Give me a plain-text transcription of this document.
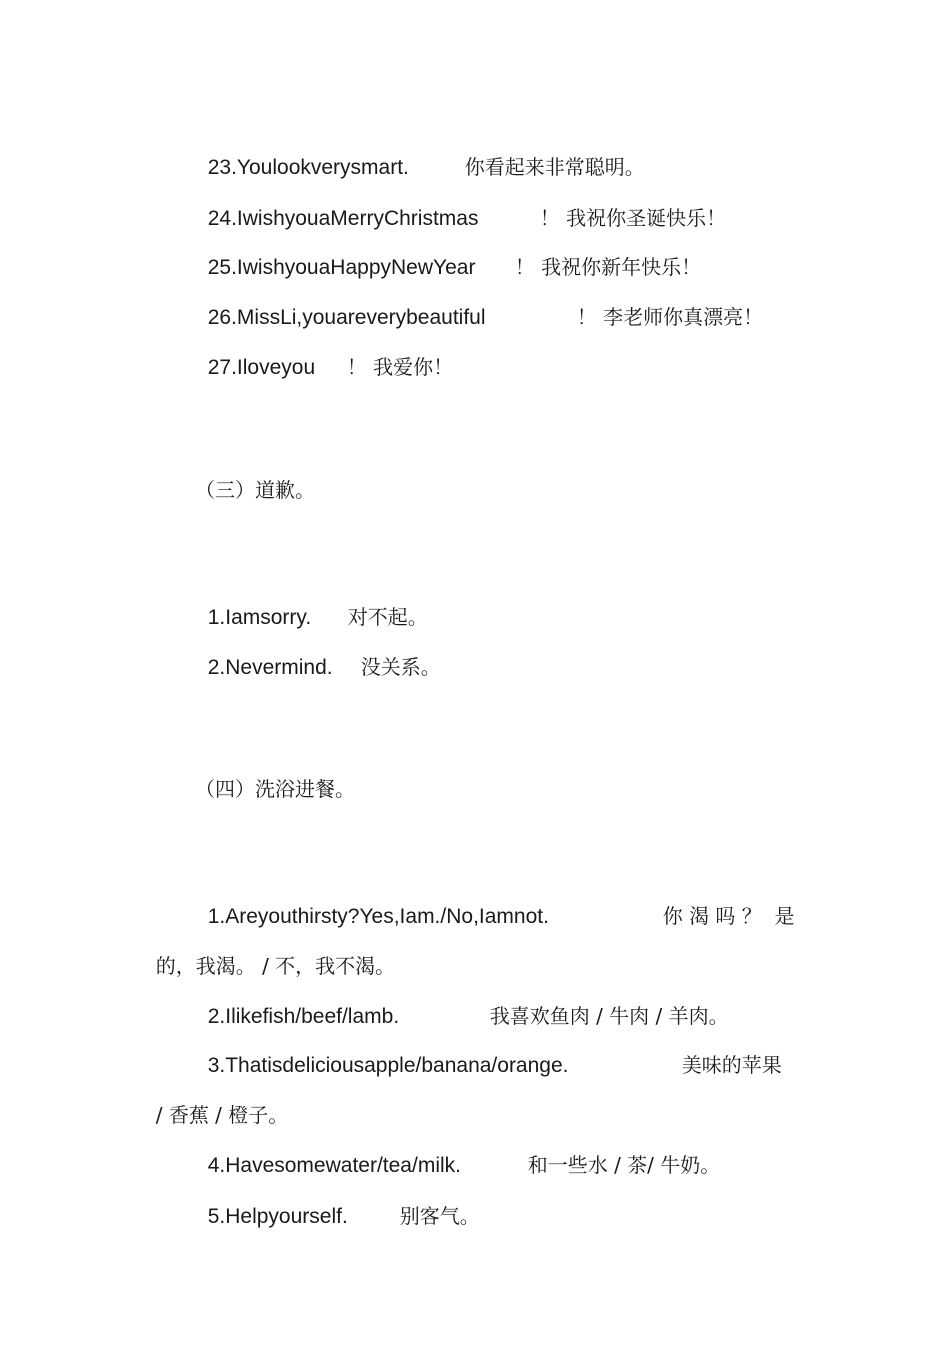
23.Youlookverysmart.	你看起来非常聪明。

24.IwishyouaMerryChristmas	！ 我祝你圣诞快乐！

25.IwishyouaHappyNewYear	！ 我祝你新年快乐！

26.MissLi,youareverybeautiful	！ 李老师你真漂亮！

27.Iloveyou	！ 我爱你！

（三）道歉。

1.Iamsorry.	对不起。

2.Nevermind.	没关系。

（四）洗浴进餐。

1.Areyouthirsty?Yes,Iam./No,Iamnot.	你 渴 吗 ？  是

的，我渴。 / 不，我不渴。

2.Ilikefish/beef/lamb.	我喜欢鱼肉 / 牛肉 / 羊肉。

3.Thatisdeliciousapple/banana/orange.	美味的苹果

/ 香蕉 / 橙子。

4.Havesomewater/tea/milk.	和一些水 / 茶/ 牛奶。

5.Helpyourself.	别客气。
